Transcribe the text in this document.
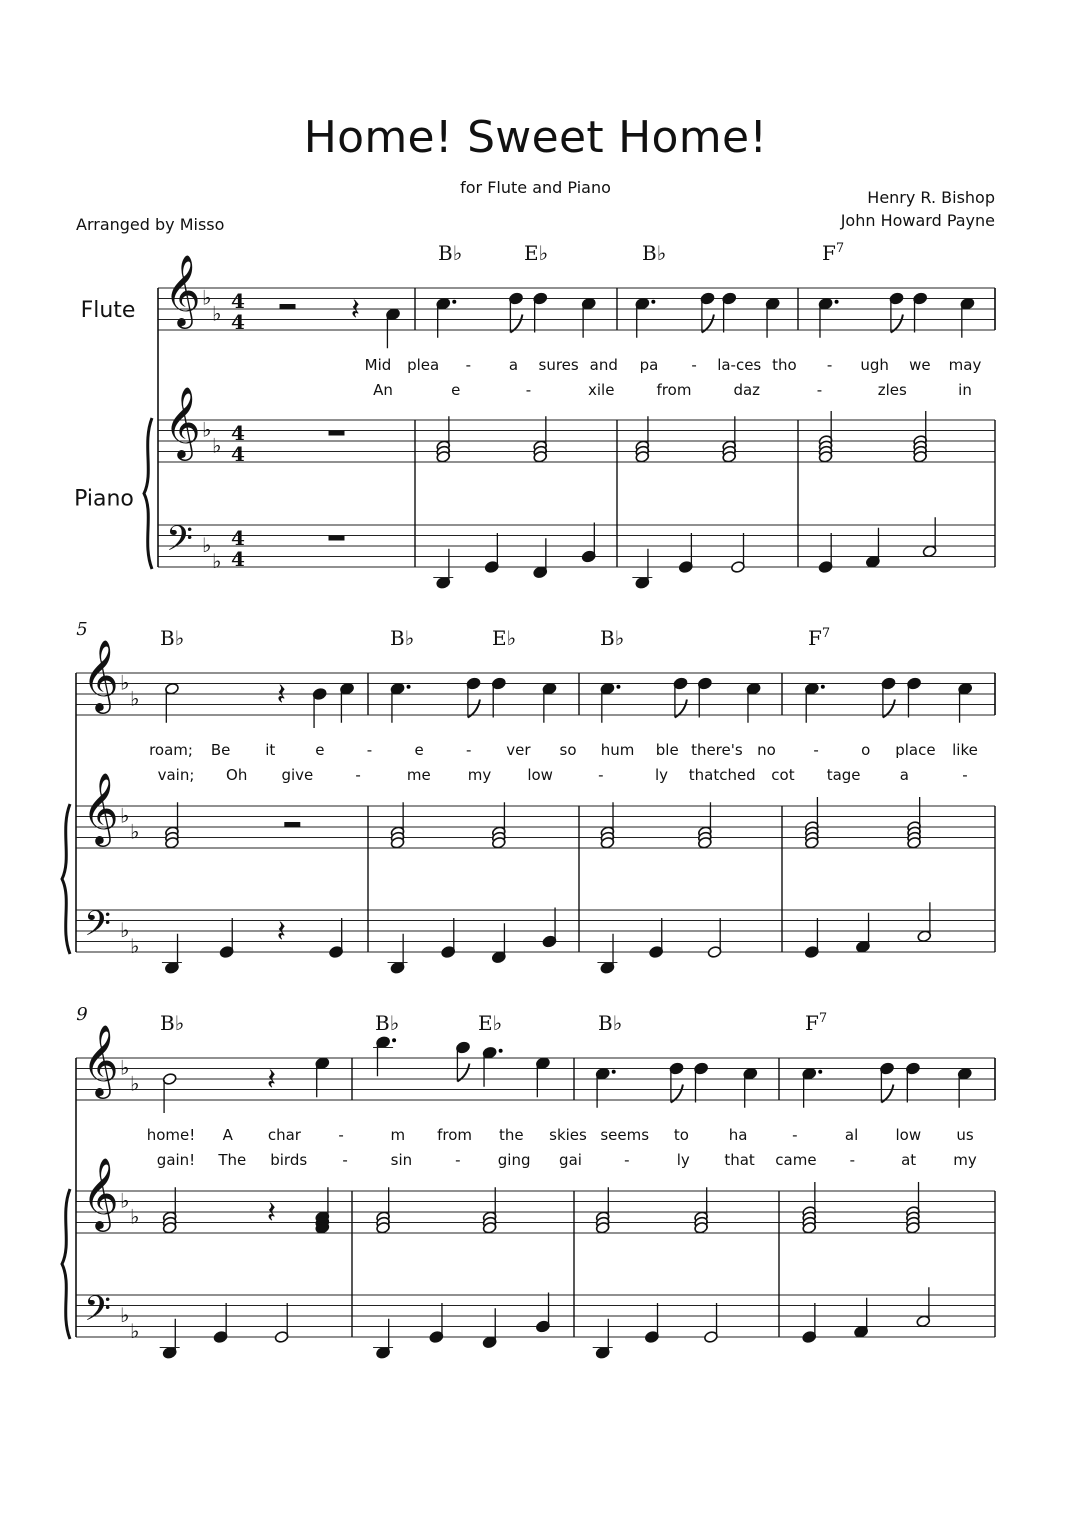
Home! Sweet Home!
for Flute and Piano
Henry R. Bishop
John Howard Payne
Arranged by Misso
𝄞
𝄞
𝄢
♭
♭
♭
♭
♭
♭
4
4
4
4
4
4
Flute
Piano
B♭	E♭	B♭	$F^7$
Mid plea -	a sures and pa - la-ces tho - ugh we may
An	e	-	xile	from	daz	-	zles	in
𝄽
𝄞
𝄞
𝄢
♭
♭
♭
♭
♭
♭
5	B♭	B♭	E♭	B♭	$F^7$
roam; Be it	e	-	e	- ver so hum ble there's no	-	o place like
vain; Oh give	-	me my low	-	ly thatched cot tage	a	-
𝄽
𝄽
𝄞
𝄞
𝄢
♭
♭
♭
♭
♭
♭
9	B♭	B♭	E♭	B♭	$F^7$
home! A char -	m from the skies seems to	ha	-	al low us
gain! The birds -	sin	- ging gai	-	ly that came -	at my
𝄽
𝄽
